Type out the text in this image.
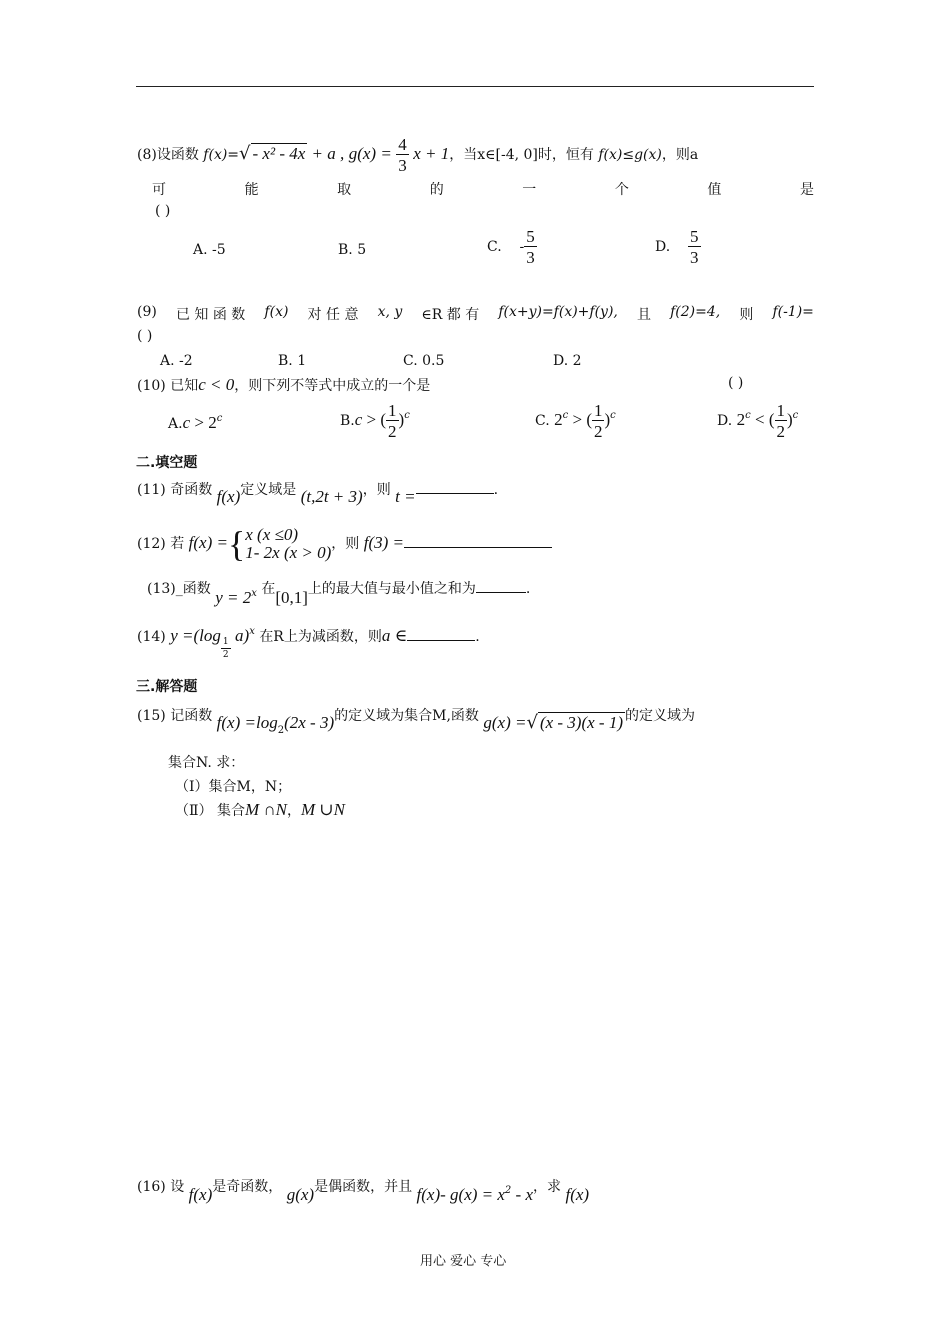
(8)设函数 f(x)=√ - x² - 4x + a , $g(x) = \frac{4}{3}$ x + 1，当x∈[-4, 0]时，恒有 f(x)≤g(x)，则a
可	能	取	的	一	个	值	是
( )
A. -5	B. 5	C. - $\frac{5}{3}$	D. $\frac{5}{3}$
(9) 已 知 函 数 f(x) 对 任 意 x, y ∈R 都 有 f(x+y)=f(x)+f(y), 且 f(2)=4, 则 f(-1)=
( )
A. -2	B. 1	C. 0.5	D. 2
(10) 已知c < 0，则下列不等式中成立的一个是	( )
$A.c > 2^c$	B.c > ( $\frac{1}{2} )^c$	C. $2^c$ > ( $\frac{1}{2} )^c$	D. $2^c$ < ( $\frac{1}{2} )^c$
二.填空题
(11) 奇函数 f(x)定义域是 (t,2t + 3)，则 t =	.
(12) 若 f(x) ={ x (x ≤0)
1- 2x (x > 0) ，则 f(3) =
(13)_函数 $y = 2_x$ 在[0,1]上的最大值与最小值之和为	.
(14) y =(log
$\frac{1}{2}$
a)$^x$ 在R上为减函数，则a ∈	.
三.解答题
(15) 记函数 $f(x) =\log_2(2x - 3)$的定义域为集合M,函数 g(x) =√ (x - 3)(x - 1) 的定义域为
集合N. 求：
（Ⅰ）集合M，N；
（Ⅱ） 集合M ∩N，M ∪N
(16) 设 f(x)是奇函数， g(x)是偶函数，并且 f(x)- $g(x) = x^2 - x$，求 f(x)
用心 爱心 专心
